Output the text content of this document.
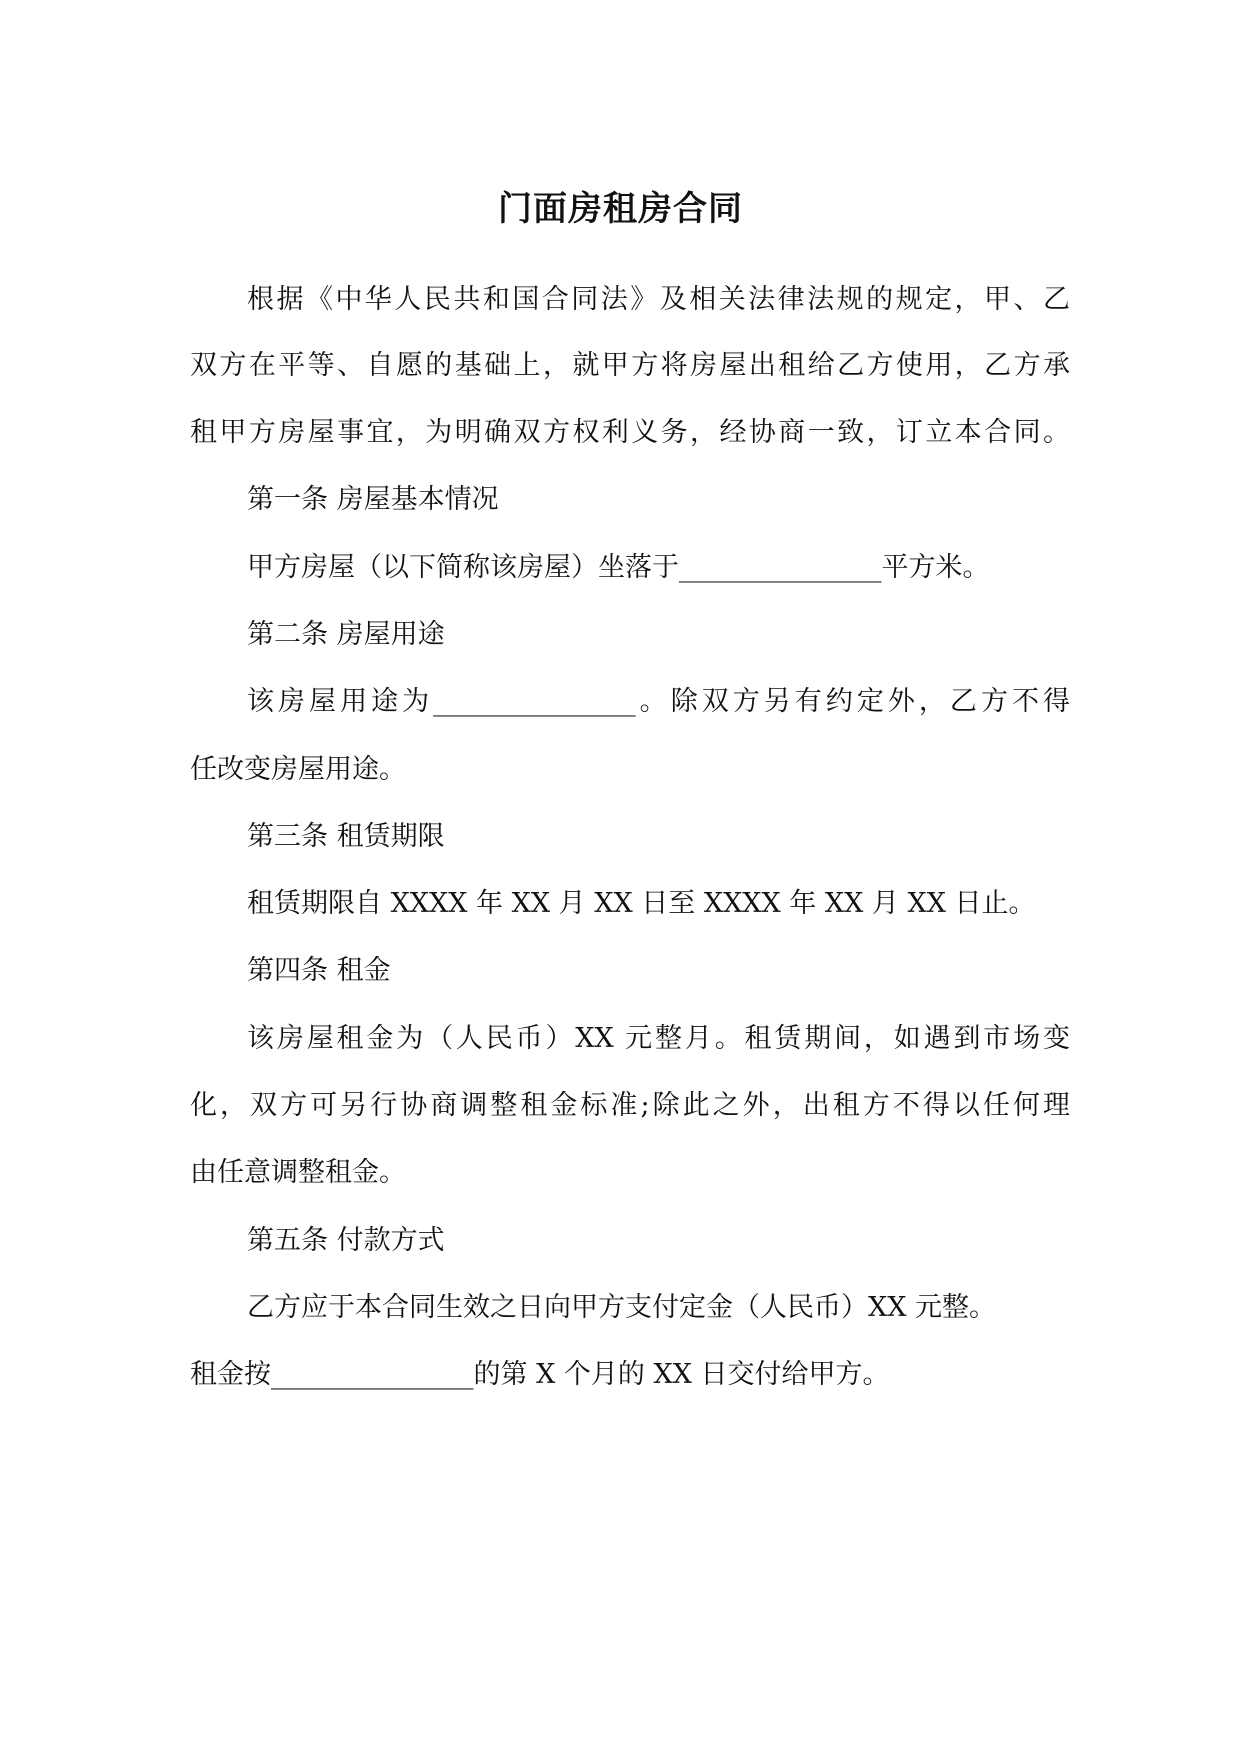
门面房租房合同
根据《中华人民共和国合同法》及相关法律法规的规定，甲、乙
双方在平等、自愿的基础上，就甲方将房屋出租给乙方使用，乙方承
租甲方房屋事宜，为明确双方权利义务，经协商一致，订立本合同。
第一条 房屋基本情况
甲方房屋（以下简称该房屋）坐落于_______________平方米。
第二条 房屋用途
该房屋用途为_______________。除双方另有约定外，乙方不得
任改变房屋用途。
第三条 租赁期限
租赁期限自 XXXX 年 XX 月 XX 日至 XXXX 年 XX 月 XX 日止。
第四条 租金
该房屋租金为（人民币）XX 元整月。租赁期间，如遇到市场变
化，双方可另行协商调整租金标准;除此之外，出租方不得以任何理
由任意调整租金。
第五条 付款方式
乙方应于本合同生效之日向甲方支付定金（人民币）XX 元整。
租金按_______________的第 X 个月的 XX 日交付给甲方。
